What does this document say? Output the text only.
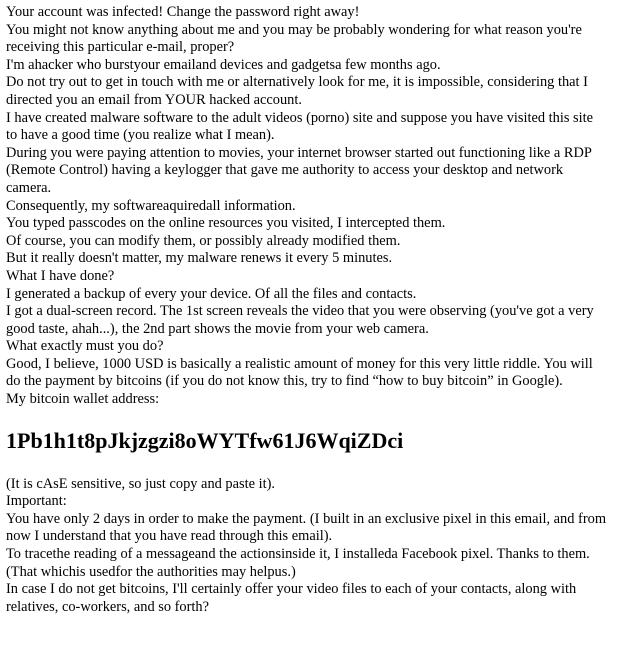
Your account was infected! Change the password right away!

You might not know anything about me and you may be probably wondering for what reason you're

receiving this particular e-mail, proper?

I'm ahacker who burstyour emailand devices and gadgetsa few months ago.

Do not try out to get in touch with me or alternatively look for me, it is impossible, considering that I

directed you an email from YOUR hacked account.

I have created malware software to the adult videos (porno) site and suppose you have visited this site

to have a good time (you realize what I mean).

During you were paying attention to movies, your internet browser started out functioning like a RDP

(Remote Control) having a keylogger that gave me authority to access your desktop and network

camera.

Consequently, my softwareaquiredall information.

You typed passcodes on the online resources you visited, I intercepted them.

Of course, you can modify them, or possibly already modified them.

But it really doesn't matter, my malware renews it every 5 minutes.

What I have done?

I generated a backup of every your device. Of all the files and contacts.

I got a dual-screen record. The 1st screen reveals the video that you were observing (you've got a very

good taste, ahah...), the 2nd part shows the movie from your web camera.

What exactly must you do?

Good, I believe, 1000 USD is basically a realistic amount of money for this very little riddle. You will

do the payment by bitcoins (if you do not know this, try to find “how to buy bitcoin” in Google).

My bitcoin wallet address:

1Pb1h1t8pJkjzgzi8oWYTfw61J6WqiZDci

(It is cAsE sensitive, so just copy and paste it).

Important:

You have only 2 days in order to make the payment. (I built in an exclusive pixel in this email, and from

now I understand that you have read through this email).

To tracethe reading of a messageand the actionsinside it, I installeda Facebook pixel. Thanks to them.

(That whichis usedfor the authorities may helpus.)

In case I do not get bitcoins, I'll certainly offer your video files to each of your contacts, along with

relatives, co-workers, and so forth?
